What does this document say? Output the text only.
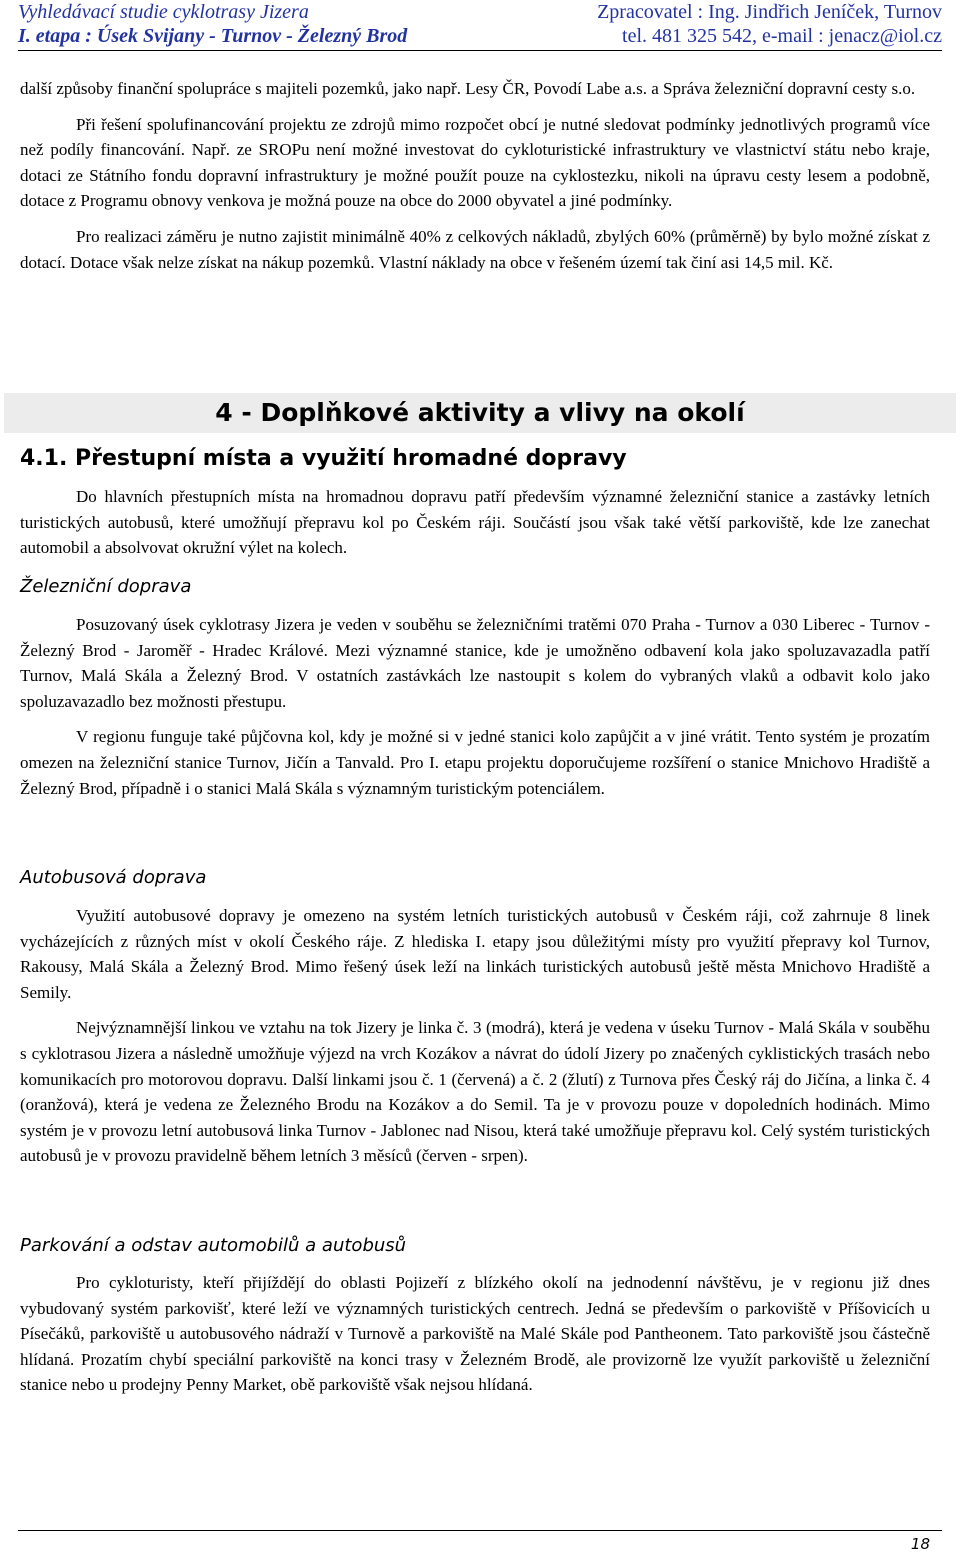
Vyhledávací studie cyklotrasy Jizera	Zpracovatel : Ing. Jindřich Jeníček, Turnov
I. etapa : Úsek Svijany - Turnov - Železný Brod	tel. 481 325 542, e-mail : jenacz@iol.cz

další způsoby finanční spolupráce s majiteli pozemků, jako např. Lesy ČR, Povodí Labe a.s. a Správa železniční dopravní cesty s.o.

Při řešení spolufinancování projektu ze zdrojů mimo rozpočet obcí je nutné sledovat podmínky jednotlivých programů více než podíly financování. Např. ze SROPu není možné investovat do cykloturistické infrastruktury ve vlastnictví státu nebo kraje, dotaci ze Státního fondu dopravní infrastruktury je možné použít pouze na cyklostezku, nikoli na úpravu cesty lesem a podobně, dotace z Programu obnovy venkova je možná pouze na obce do 2000 obyvatel a jiné podmínky.

Pro realizaci záměru je nutno zajistit minimálně 40% z celkových nákladů, zbylých 60% (průměrně) by bylo možné získat z dotací. Dotace však nelze získat na nákup pozemků. Vlastní náklady na obce v řešeném území tak činí asi 14,5 mil. Kč.

4 - Doplňkové aktivity a vlivy na okolí
4.1. Přestupní místa a využití hromadné dopravy

Do hlavních přestupních místa na hromadnou dopravu patří především významné železniční stanice a zastávky letních turistických autobusů, které umožňují přepravu kol po Českém ráji. Součástí jsou však také větší parkoviště, kde lze zanechat automobil a absolvovat okružní výlet na kolech.

Železniční doprava

Posuzovaný úsek cyklotrasy Jizera je veden v souběhu se železničními tratěmi 070 Praha - Turnov a 030 Liberec - Turnov - Železný Brod - Jaroměř - Hradec Králové. Mezi významné stanice, kde je umožněno odbavení kola jako spoluzavazadla patří Turnov, Malá Skála a Železný Brod. V ostatních zastávkách lze nastoupit s kolem do vybraných vlaků a odbavit kolo jako spoluzavazadlo bez možnosti přestupu.

V regionu funguje také půjčovna kol, kdy je možné si v jedné stanici kolo zapůjčit a v jiné vrátit. Tento systém je prozatím omezen na železniční stanice Turnov, Jičín a Tanvald. Pro I. etapu projektu doporučujeme rozšíření o stanice Mnichovo Hradiště a Železný Brod, případně i o stanici Malá Skála s významným turistickým potenciálem.

Autobusová doprava

Využití autobusové dopravy je omezeno na systém letních turistických autobusů v Českém ráji, což zahrnuje 8 linek vycházejících z různých míst v okolí Českého ráje. Z hlediska I. etapy jsou důležitými místy pro využití přepravy kol Turnov, Rakousy, Malá Skála a Železný Brod. Mimo řešený úsek leží na linkách turistických autobusů ještě města Mnichovo Hradiště a Semily.

Nejvýznamnější linkou ve vztahu na tok Jizery je linka č. 3 (modrá), která je vedena v úseku Turnov - Malá Skála v souběhu s cyklotrasou Jizera a následně umožňuje výjezd na vrch Kozákov a návrat do údolí Jizery po značených cyklistických trasách nebo komunikacích pro motorovou dopravu. Další linkami jsou č. 1 (červená) a č. 2 (žlutí) z Turnova přes Český ráj do Jičína, a linka č. 4 (oranžová), která je vedena ze Železného Brodu na Kozákov a do Semil. Ta je v provozu pouze v dopoledních hodinách. Mimo systém je v provozu letní autobusová linka Turnov - Jablonec nad Nisou, která také umožňuje přepravu kol. Celý systém turistických autobusů je v provozu pravidelně během letních 3 měsíců (červen - srpen).

Parkování a odstav automobilů a autobusů

Pro cykloturisty, kteří přijíždějí do oblasti Pojizeří z blízkého okolí na jednodenní návštěvu, je v regionu již dnes vybudovaný systém parkovišť, které leží ve významných turistických centrech. Jedná se především o parkoviště v Příšovicích u Písečáků, parkoviště u autobusového nádraží v Turnově a parkoviště na Malé Skále pod Pantheonem. Tato parkoviště jsou částečně hlídaná. Prozatím chybí speciální parkoviště na konci trasy v Železném Brodě, ale provizorně lze využít parkoviště u železniční stanice nebo u prodejny Penny Market, obě parkoviště však nejsou hlídaná.

18
